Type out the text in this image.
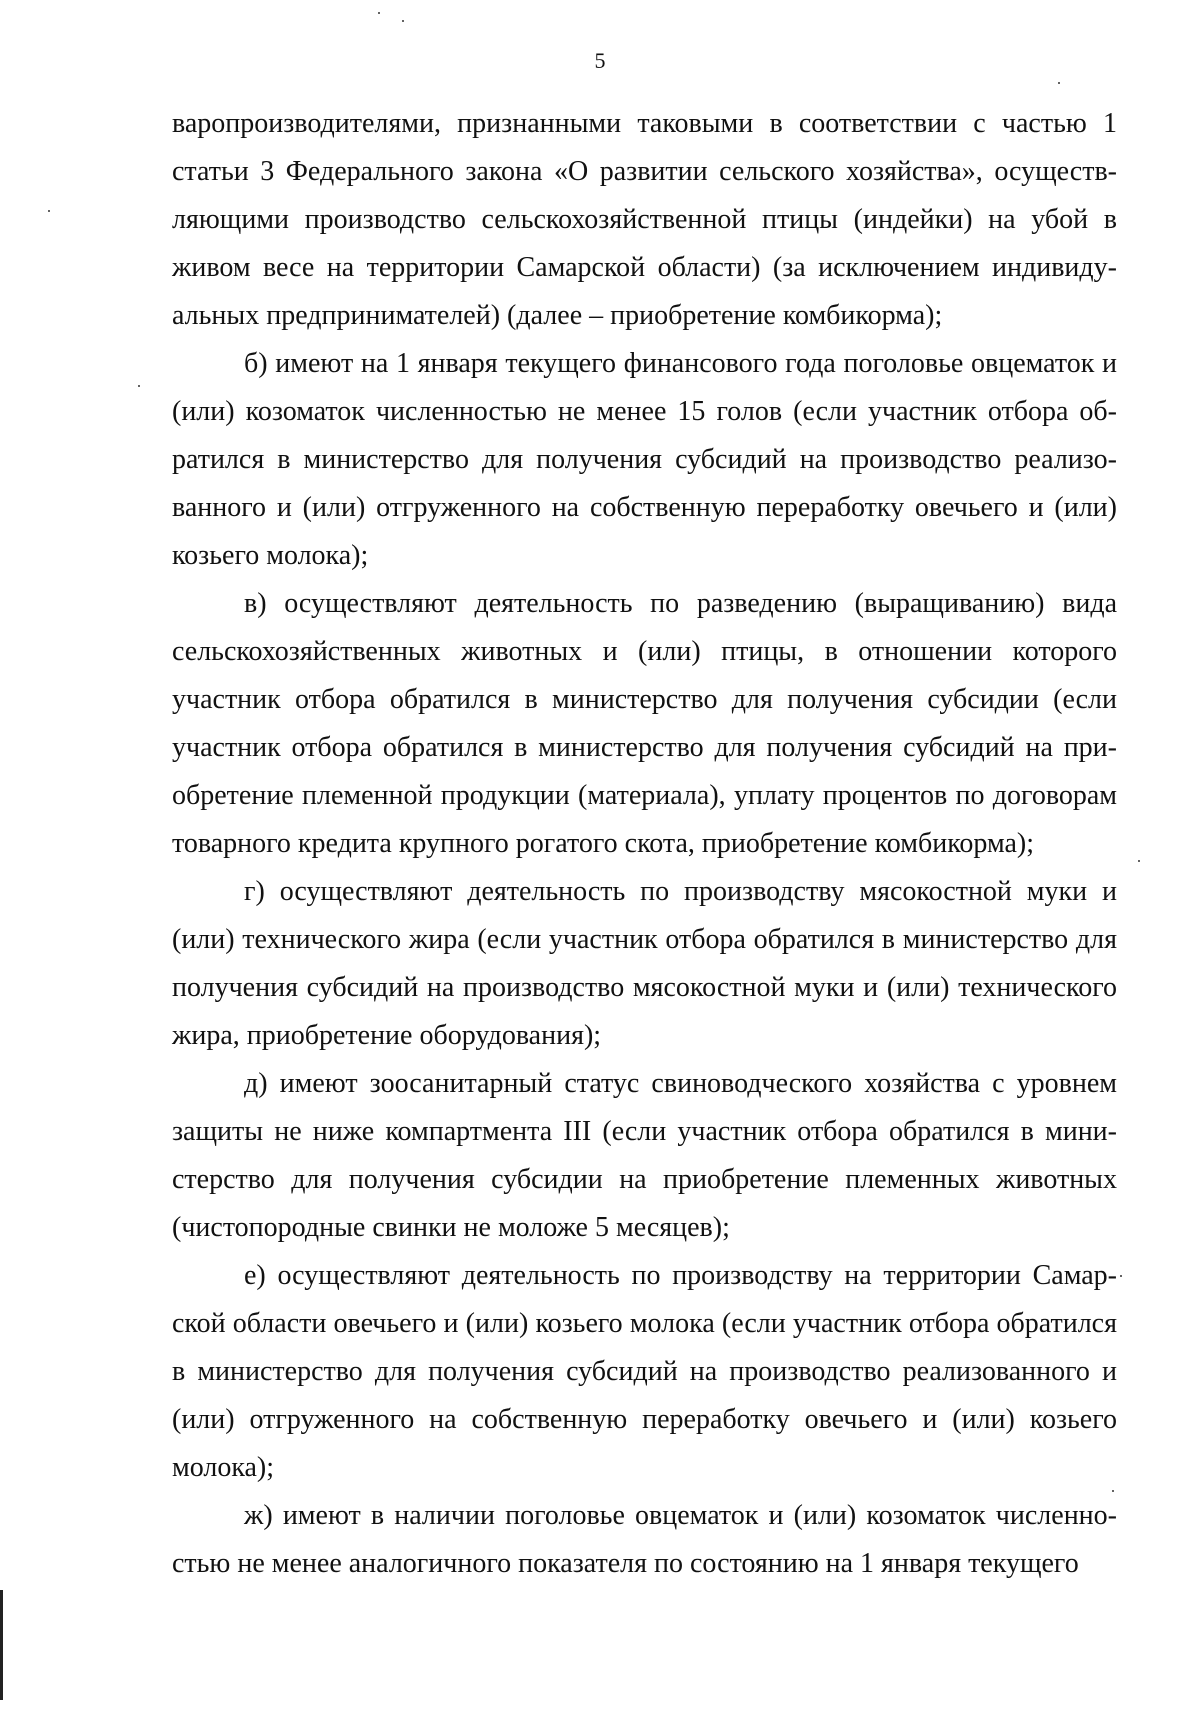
5

варопроизводителями, признанными таковыми в соответствии с частью 1 статьи 3 Федерального закона «О развитии сельского хозяйства», осуществляющими производство сельскохозяйственной птицы (индейки) на убой в живом весе на территории Самарской области) (за исключением индивидуальных предпринимателей) (далее – приобретение комбикорма);

б) имеют на 1 января текущего финансового года поголовье овцематок и (или) козоматок численностью не менее 15 голов (если участник отбора обратился в министерство для получения субсидий на производство реализованного и (или) отгруженного на собственную переработку овечьего и (или) козьего молока);

в) осуществляют деятельность по разведению (выращиванию) вида сельскохозяйственных животных и (или) птицы, в отношении которого участник отбора обратился в министерство для получения субсидии (если участник отбора обратился в министерство для получения субсидий на приобретение племенной продукции (материала), уплату процентов по договорам товарного кредита крупного рогатого скота, приобретение комбикорма);

г) осуществляют деятельность по производству мясокостной муки и (или) технического жира (если участник отбора обратился в министерство для получения субсидий на производство мясокостной муки и (или) технического жира, приобретение оборудования);

д) имеют зоосанитарный статус свиноводческого хозяйства с уровнем защиты не ниже компартмента III (если участник отбора обратился в министерство для получения субсидии на приобретение племенных животных (чистопородные свинки не моложе 5 месяцев);

е) осуществляют деятельность по производству на территории Самарской области овечьего и (или) козьего молока (если участник отбора обратился в министерство для получения субсидий на производство реализованного и (или) отгруженного на собственную переработку овечьего и (или) козьего молока);

ж) имеют в наличии поголовье овцематок и (или) козоматок численностью не менее аналогичного показателя по состоянию на 1 января текущего
